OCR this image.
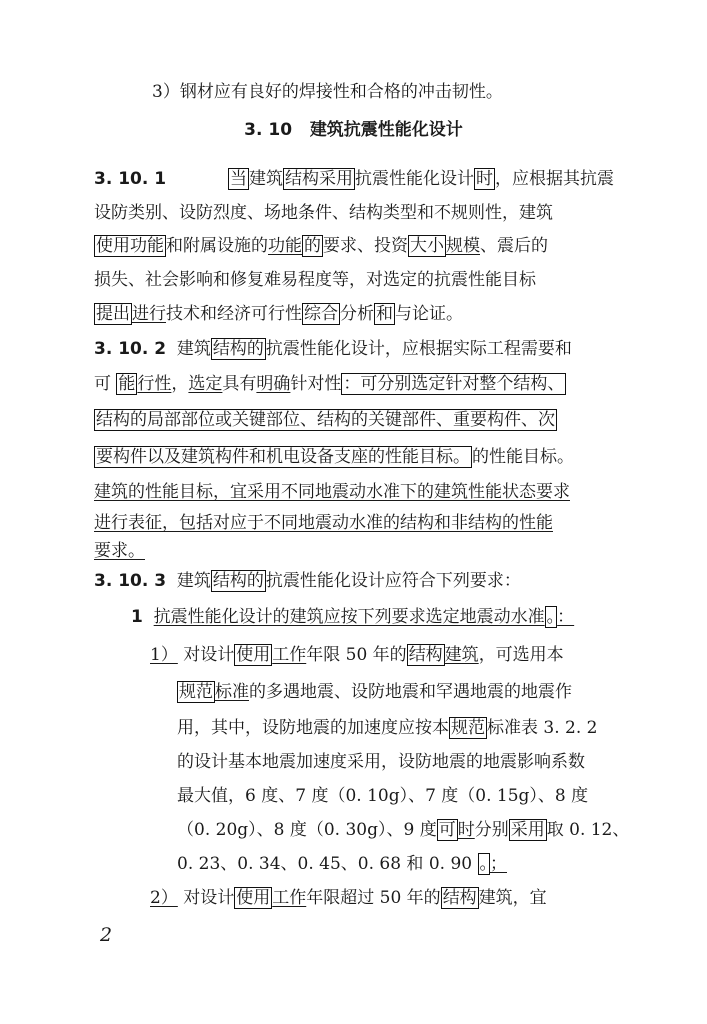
3）钢材应有良好的焊接性和合格的冲击韧性。
3. 10 建筑抗震性能化设计
3. 10. 1	当 建筑 结构采用 抗震性能化设计 时 ，应根据其抗震
设防类别、设防烈度、场地条件、结构类型和不规则性，建筑
使用功能 和附属设施的功能 的 要求、投资 大小 规模、震后的
损失、社会影响和修复难易程度等，对选定的抗震性能目标
提出 进行技术和经济可行性 综合 分析 和 与论证。
3. 10. 2 建筑 结构的 抗震性能化设计，应根据实际工程需要和
可 能 行性，选定具有明确针对性 ：可分别选定针对整个结构、
结构的局部部位或关键部位、结构的关键部件、重要构件、次
要构件以及建筑构件和机电设备支座的性能目标。 的性能目标。
建筑的性能目标，宜采用不同地震动水准下的建筑性能状态要求
进行表征，包括对应于不同地震动水准的结构和非结构的性能
要求。
3. 10. 3 建筑 结构的 抗震性能化设计应符合下列要求：
1 抗震性能化设计的建筑应按下列要求选定地震动水准 。 ：
1） 对设计 使用 工作年限 50 年的 结构 建筑，可选用本
规范 标准的多遇地震、设防地震和罕遇地震的地震作
用，其中，设防地震的加速度应按本 规范 标准表 3. 2. 2
的设计基本地震加速度采用，设防地震的地震影响系数
最大值，6 度、7 度（0. 10g）、7 度（0. 15g）、8 度
（0. 20g）、8 度（0. 30g）、9 度 可 时分别 采用 取 0. 12、
0. 23、0. 34、0. 45、0. 68 和 0. 90 。 ；
2） 对设计 使用 工作年限超过 50 年的 结构 建筑，宜
2
